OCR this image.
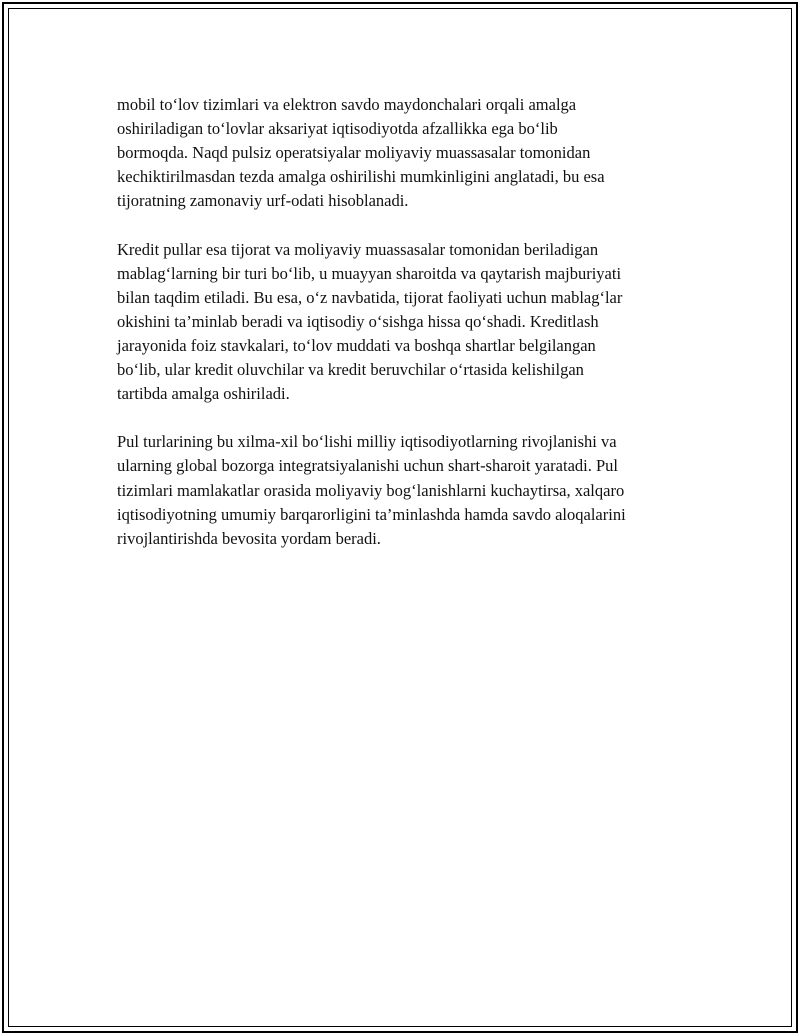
mobil to‘lov tizimlari va elektron savdo maydonchalari orqali amalga
oshiriladigan to‘lovlar aksariyat iqtisodiyotda afzallikka ega bo‘lib
bormoqda. Naqd pulsiz operatsiyalar moliyaviy muassasalar tomonidan
kechiktirilmasdan tezda amalga oshirilishi mumkinligini anglatadi, bu esa
tijoratning zamonaviy urf-odati hisoblanadi.

Kredit pullar esa tijorat va moliyaviy muassasalar tomonidan beriladigan
mablag‘larning bir turi bo‘lib, u muayyan sharoitda va qaytarish majburiyati
bilan taqdim etiladi. Bu esa, o‘z navbatida, tijorat faoliyati uchun mablag‘lar
okishini ta’minlab beradi va iqtisodiy o‘sishga hissa qo‘shadi. Kreditlash
jarayonida foiz stavkalari, to‘lov muddati va boshqa shartlar belgilangan
bo‘lib, ular kredit oluvchilar va kredit beruvchilar o‘rtasida kelishilgan
tartibda amalga oshiriladi.

Pul turlarining bu xilma-xil bo‘lishi milliy iqtisodiyotlarning rivojlanishi va
ularning global bozorga integratsiyalanishi uchun shart-sharoit yaratadi. Pul
tizimlari mamlakatlar orasida moliyaviy bog‘lanishlarni kuchaytirsa, xalqaro
iqtisodiyotning umumiy barqarorligini ta’minlashda hamda savdo aloqalarini
rivojlantirishda bevosita yordam beradi.
